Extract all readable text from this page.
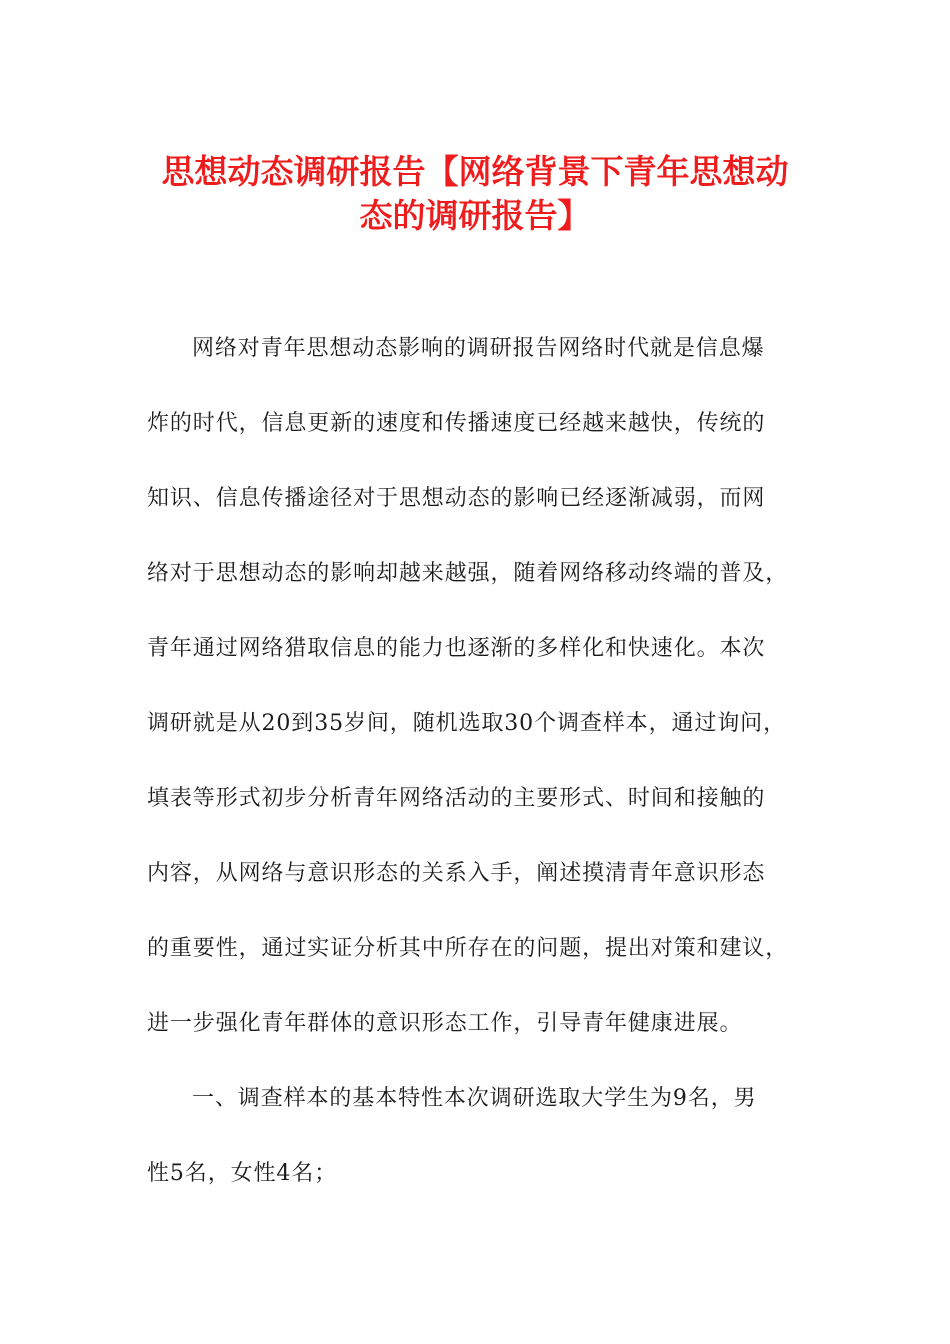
思想动态调研报告【网络背景下青年思想动
态的调研报告】

网络对青年思想动态影响的调研报告网络时代就是信息爆

炸的时代，信息更新的速度和传播速度已经越来越快，传统的

知识、信息传播途径对于思想动态的影响已经逐渐减弱，而网

络对于思想动态的影响却越来越强，随着网络移动终端的普及，

青年通过网络猎取信息的能力也逐渐的多样化和快速化。本次

调研就是从20到35岁间，随机选取30个调查样本，通过询问，

填表等形式初步分析青年网络活动的主要形式、时间和接触的

内容，从网络与意识形态的关系入手，阐述摸清青年意识形态

的重要性，通过实证分析其中所存在的问题，提出对策和建议，

进一步强化青年群体的意识形态工作，引导青年健康进展。

一、调查样本的基本特性本次调研选取大学生为9名，男

性5名，女性4名；
